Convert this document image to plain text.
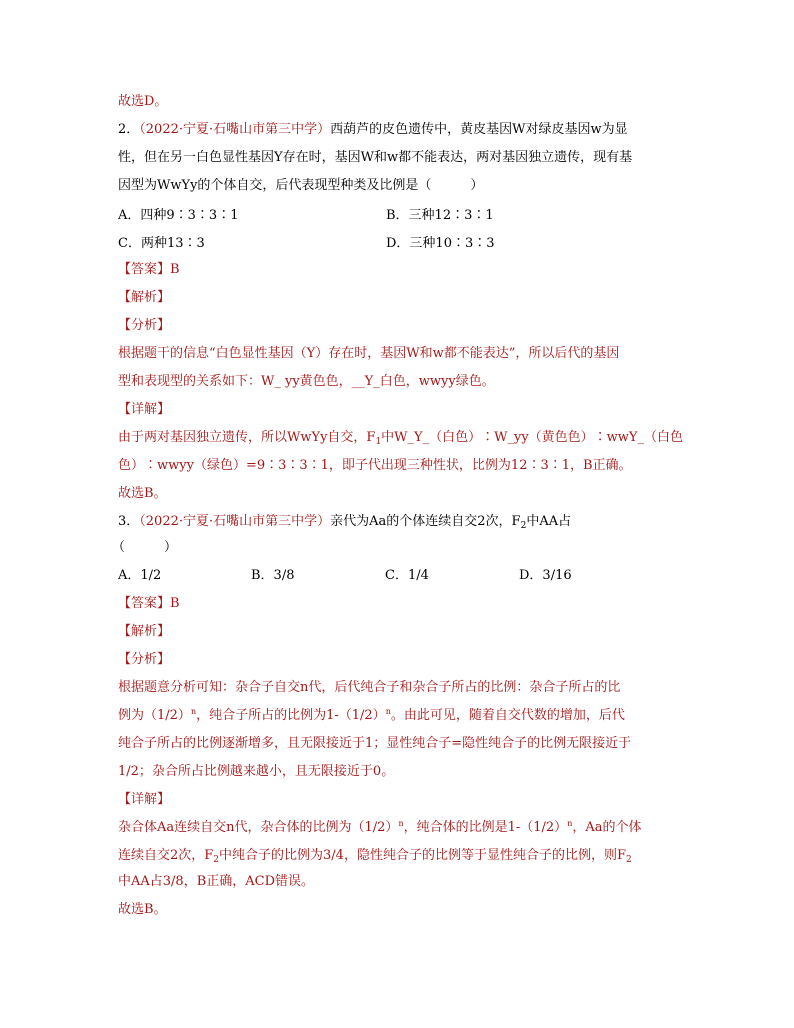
故选D。
2．（2022·宁夏·石嘴山市第三中学）西葫芦的皮色遗传中，黄皮基因W对绿皮基因w为显
性，但在另一白色显性基因Y存在时，基因W和w都不能表达，两对基因独立遗传，现有基
因型为WwYy的个体自交，后代表现型种类及比例是（　　　）
A．四种9∶3∶3∶1	B．三种12∶3∶1
C．两种13∶3	D．三种10∶3∶3
【答案】B
【解析】
【分析】
根据题干的信息“白色显性基因（Y）存在时，基因W和w都不能表达”，所以后代的基因
型和表现型的关系如下：W_ yy黄色色，__Y_白色，wwyy绿色。
【详解】
由于两对基因独立遗传，所以WwYy自交，$F_1$中W_Y_（白色）∶W_yy（黄色色）∶wwY_（白色
色）∶wwyy（绿色）=9∶3∶3∶1，即子代出现三种性状，比例为12∶3∶1，B正确。
故选B。
3．（2022·宁夏·石嘴山市第三中学）亲代为Aa的个体连续自交2次，$F_2$中AA占
（　　　）
A．1/2	B．3/8	C．1/4	D．3/16
【答案】B
【解析】
【分析】
根据题意分析可知：杂合子自交n代，后代纯合子和杂合子所占的比例：杂合子所占的比
例为$(1/2)^n$，纯合子所占的比例为$1-(1/2)^n$。由此可见，随着自交代数的增加，后代
纯合子所占的比例逐渐增多，且无限接近于1；显性纯合子=隐性纯合子的比例无限接近于
1/2；杂合所占比例越来越小，且无限接近于0。
【详解】
杂合体Aa连续自交n代，杂合体的比例为$(1/2)^n$，纯合体的比例是$1-(1/2)^n$，Aa的个体
连续自交2次，$F_2$中纯合子的比例为3/4，隐性纯合子的比例等于显性纯合子的比例，则$F_2$
中AA占3/8，B正确，ACD错误。
故选B。
